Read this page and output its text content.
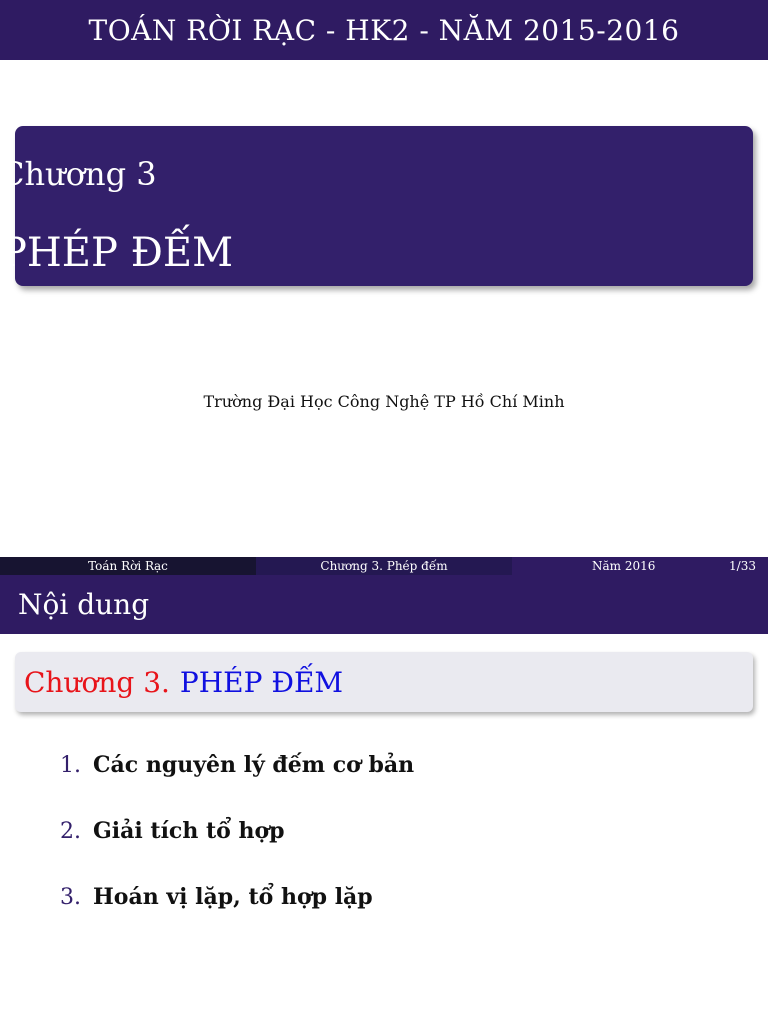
TOÁN RỜI RẠC - HK2 - NĂM 2015-2016
Chương 3
PHÉP ĐẾM
Trường Đại Học Công Nghệ TP Hồ Chí Minh
Toán Rời Rạc	Chương 3. Phép đếm	Năm 2016	1/33
Nội dung
Chương 3. PHÉP ĐẾM
1. Các nguyên lý đếm cơ bản
2. Giải tích tổ hợp
3. Hoán vị lặp, tổ hợp lặp
